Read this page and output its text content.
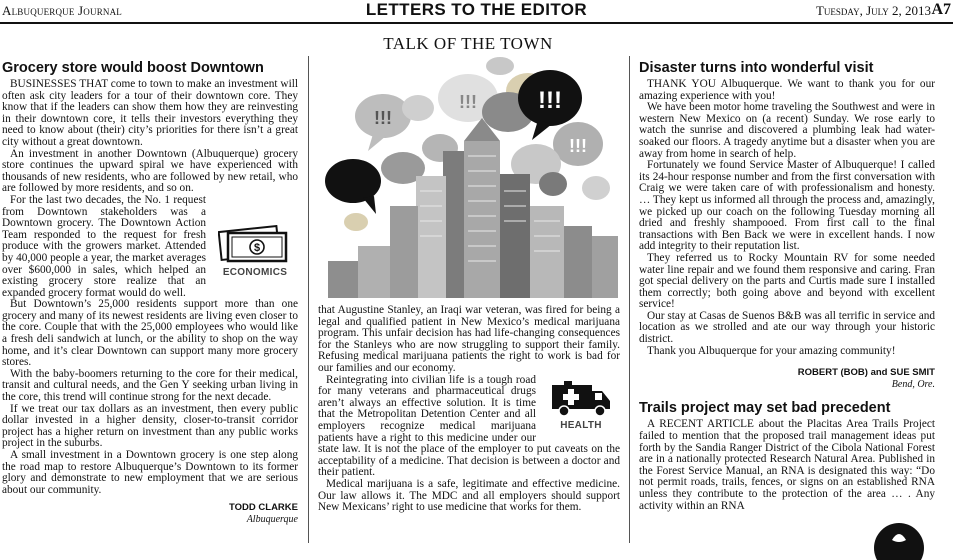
Albuquerque Journal	LETTERS TO THE EDITOR	Tuesday, July 2, 2013 A7
TALK OF THE TOWN
Grocery store would boost Downtown

BUSINESSES THAT come to town to make an investment will often ask city leaders for a tour of their downtown core. They know that if the leaders can show them how they are reinvesting in their downtown core, it tells their investors everything they need to know about (their) city’s priorities for there isn’t a great city without a great downtown.

An investment in another Downtown (Albuquerque) grocery store continues the upward spiral we have experienced with thousands of new residents, who are followed by new retail, who are followed by more residents, and so on.

$
ECONOMICS

For the last two decades, the No. 1 request from Downtown stakeholders was a Downtown grocery. The Downtown Action Team responded to the request for fresh produce with the growers market. Attended by 40,000 people a year, the market averages over $600,000 in sales, which helped an existing grocery store realize that an expanded grocery format would do well.

But Downtown’s 25,000 residents support more than one grocery and many of its newest residents are living even closer to the core. Couple that with the 25,000 employees who would like a fresh deli sandwich at lunch, or the ability to shop on the way home, and it’s clear Downtown can support many more grocery stores.

With the baby-boomers returning to the core for their medical, transit and cultural needs, and the Gen Y seeking urban living in the core, this trend will continue strong for the next decade.

If we treat our tax dollars as an investment, then every public dollar invested in a higher density, closer-to-transit corridor project has a higher return on investment than any public works project in the suburbs.

A small investment in a Downtown grocery is one step along the road map to restore Albuquerque’s Downtown to its former glory and demonstrate to new employment that we are serious about our community.

TODD CLARKE
Albuquerque
!!!
!!!
!!!
!!!

that Augustine Stanley, an Iraqi war veteran, was fired for being a legal and qualified patient in New Mexico’s medical marijuana program. This unfair decision has had life-changing consequences for the Stanleys who are now struggling to support their family. Refusing medical marijuana patients the right to work is bad for our families and our economy.

HEALTH

Reintegrating into civilian life is a tough road for many veterans and pharmaceutical drugs aren’t always an effective solution. It is time that the Metropolitan Detention Center and all employers recognize medical marijuana patients have a right to this medicine under our state law. It is not the place of the employer to put caveats on the acceptability of a medicine. That decision is between a doctor and their patient.

Medical marijuana is a safe, legitimate and effective medicine. Our law allows it. The MDC and all employers should support New Mexicans’ right to use medicine that works for them.

Disaster turns into wonderful visit

THANK YOU Albuquerque. We want to thank you for our amazing experience with you!

We have been motor home traveling the Southwest and were in western New Mexico on (a recent) Sunday. We rose early to watch the sunrise and discovered a plumbing leak had water-soaked our floors. A tragedy anytime but a disaster when you are away from home in search of help.

Fortunately we found Service Master of Albuquerque! I called its 24-hour response number and from the first conversation with Craig we were taken care of with professionalism and honesty. … They kept us informed all through the process and, amazingly, we picked up our coach on the following Tuesday morning all dried and freshly shampooed. From first call to the final transactions with Ben Back we were in excellent hands. I now add integrity to their reputation list.

They referred us to Rocky Mountain RV for some needed water line repair and we found them responsive and caring. Fran got special delivery on the parts and Curtis made sure I installed them correctly; both going above and beyond with excellent service!

Our stay at Casas de Suenos B&B was all terrific in service and location as we strolled and ate our way through your historic district.

Thank you Albuquerque for your amazing community!

ROBERT (BOB) and SUE SMIT
Bend, Ore.
Trails project may set bad precedent

A RECENT ARTICLE about the Placitas Area Trails Project failed to mention that the proposed trail management ideas put forth by the Sandia Ranger District of the Cibola National Forest are in a nationally protected Research Natural Area. Published in the Forest Service Manual, an RNA is designated this way: “Do not permit roads, trails, fences, or signs on an established RNA unless they contribute to the protection of the area … . Any activity within an RNA
